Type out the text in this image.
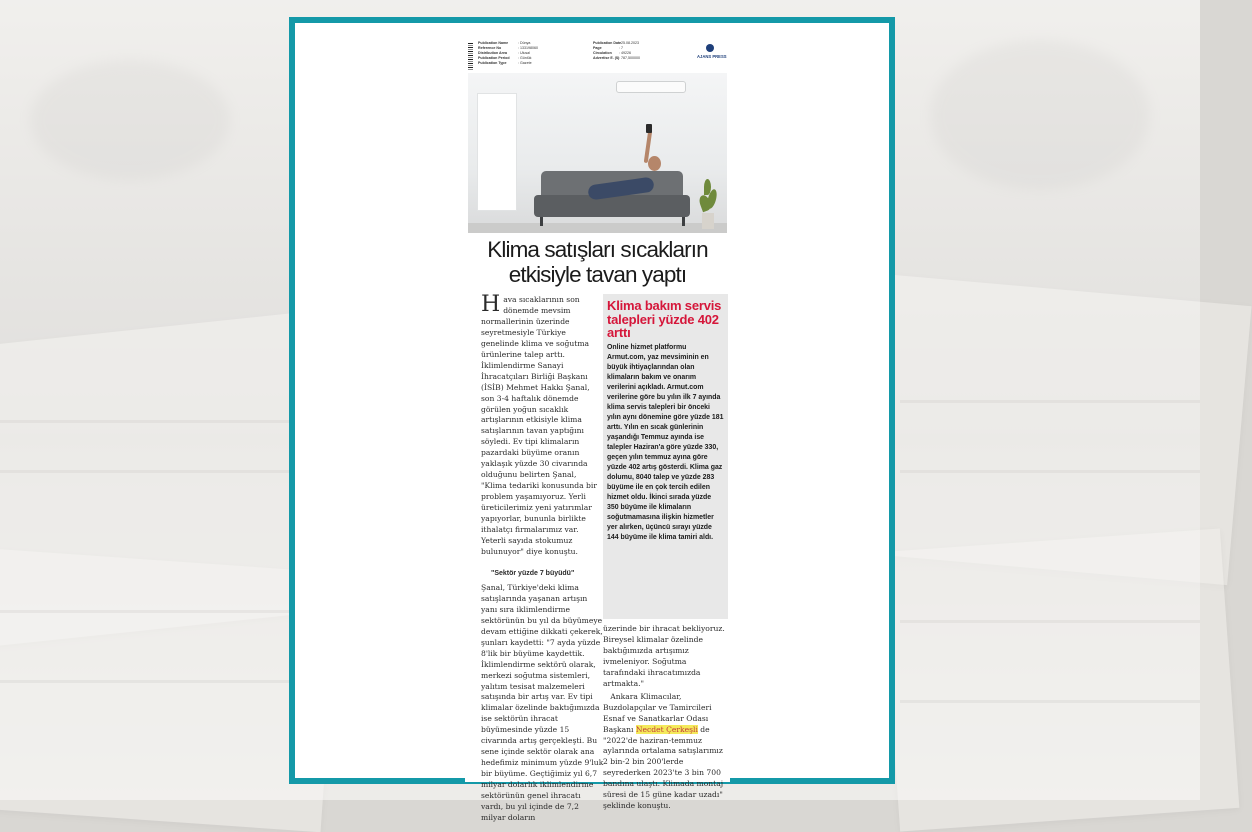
Publication Name	: Dünya
Reference No	: 133198060
Distribution Area	: Ulusal
Publication Period : Günlük
Publication Type	: Gazete
Publication Date: 25.08.2023
Page	: 7
Circulation : 49226
Advertise E. ($): 787,500000	AJANS PRESS
Klima satışları sıcakların
etkisiyle tavan yaptı

Hava sıcaklarının son dönemde mevsim normallerinin üzerinde seyretmesiyle Türkiye genelinde klima ve soğutma ürünlerine talep arttı. İklimlendirme Sanayi İhracatçıları Birliği Başkanı (İSİB) Mehmet Hakkı Şanal, son 3-4 haftalık dönemde görülen yoğun sıcaklık artışlarının etkisiyle klima satışlarının tavan yaptığını söyledi. Ev tipi klimaların pazardaki büyüme oranın yaklaşık yüzde 30 civarında olduğunu belirten Şanal, "Klima tedariki konusunda bir problem yaşamıyoruz. Yerli üreticilerimiz yeni yatırımlar yapıyorlar, bununla birlikte ithalatçı firmalarımız var. Yeterli sayıda stokumuz bulunuyor" diye konuştu.

"Sektör yüzde 7 büyüdü"

Şanal, Türkiye'deki klima satışlarında yaşanan artışın yanı sıra iklimlendirme sektörünün bu yıl da büyümeye devam ettiğine dikkati çekerek, şunları kaydetti: "7 ayda yüzde 8'lik bir büyüme kaydettik. İklimlendirme sektörü olarak, merkezi soğutma sistemleri, yalıtım tesisat malzemeleri satışında bir artış var. Ev tipi klimalar özelinde baktığımızda ise sektörün ihracat büyümesinde yüzde 15 civarında artış gerçekleşti. Bu sene içinde sektör olarak ana hedefimiz minimum yüzde 9'luk bir büyüme. Geçtiğimiz yıl 6,7 milyar dolarlık iklimlendirme sektörünün genel ihracatı vardı, bu yıl içinde de 7,2 milyar doların

Klima bakım servis talepleri yüzde 402 arttı
Online hizmet platformu Armut.com, yaz mevsiminin en büyük ihtiyaçlarından olan klimaların bakım ve onarım verilerini açıkladı. Armut.com verilerine göre bu yılın ilk 7 ayında klima servis talepleri bir önceki yılın aynı dönemine göre yüzde 181 arttı. Yılın en sıcak günlerinin yaşandığı Temmuz ayında ise talepler Haziran'a göre yüzde 330, geçen yılın temmuz ayına göre yüzde 402 artış gösterdi. Klima gaz dolumu, 8040 talep ve yüzde 283 büyüme ile en çok tercih edilen hizmet oldu. İkinci sırada yüzde 350 büyüme ile klimaların soğutmamasına ilişkin hizmetler yer alırken, üçüncü sırayı yüzde 144 büyüme ile klima tamiri aldı.

üzerinde bir ihracat bekliyoruz. Bireysel klimalar özelinde baktığımızda artışımız ivmeleniyor. Soğutma tarafındaki ihracatımızda artmakta."

Ankara Klimacılar, Buzdolapçılar ve Tamircileri Esnaf ve Sanatkarlar Odası Başkanı Necdet Çerkeşli de "2022'de haziran-temmuz aylarında ortalama satışlarımız 2 bin-2 bin 200'lerde seyrederken 2023'te 3 bin 700 bandına ulaştı. Klimada montaj süresi de 15 güne kadar uzadı" şeklinde konuştu.
